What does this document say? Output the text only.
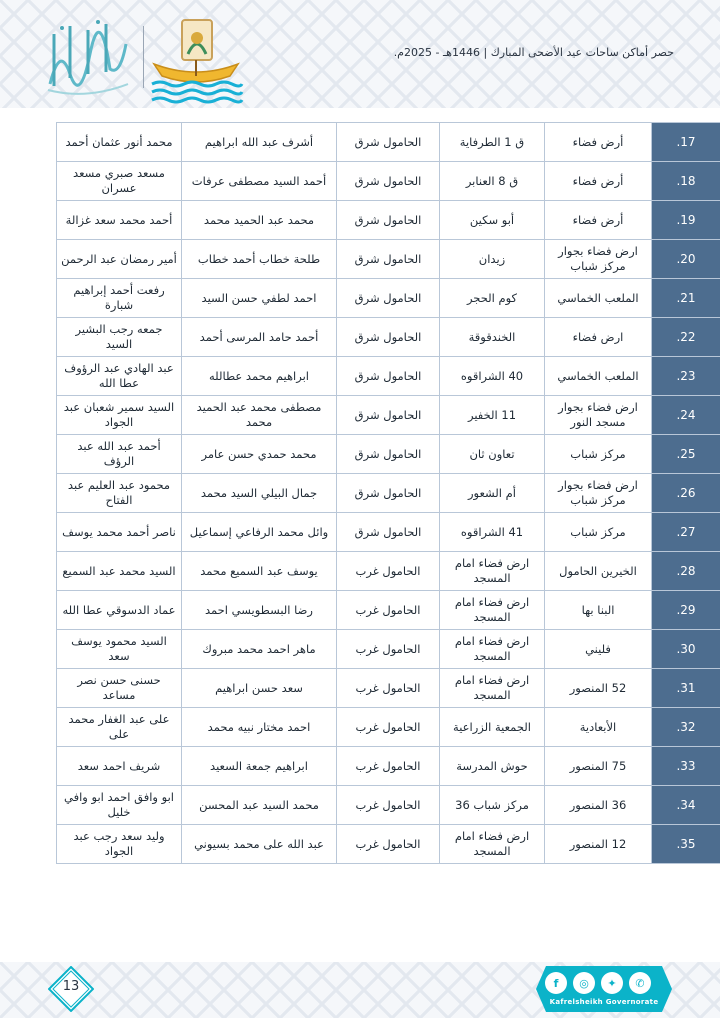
حصر أماكن ساحات عيد الأضحى المبارك | 1446هـ - 2025م.
17.	أرض فضاء	ق 1 الطرفاية	الحامول شرق	أشرف عبد الله ابراهيم	محمد أنور عثمان أحمد
18.	أرض فضاء	ق 8 العنابر	الحامول شرق	أحمد السيد مصطفى عرفات	مسعد صبري مسعد عسران
19.	أرض فضاء	أبو سكين	الحامول شرق	محمد عبد الحميد محمد	أحمد محمد سعد غزالة
20.	ارض فضاء بجوار مركز شباب	زيدان	الحامول شرق	طلحة خطاب أحمد خطاب	أمير رمضان عبد الرحمن
21.	الملعب الخماسي	كوم الحجر	الحامول شرق	احمد لطفي حسن السيد	رفعت أحمد إبراهيم شبارة
22.	ارض فضاء	الخندقوقة	الحامول شرق	أحمد حامد المرسى أحمد	جمعه رجب البشير السيد
23.	الملعب الخماسي	40 الشراقوه	الحامول شرق	ابراهيم محمد عطالله	عبد الهادي عبد الرؤوف عطا الله
24.	ارض فضاء بجوار مسجد النور	11 الخفير	الحامول شرق	مصطفى محمد عبد الحميد محمد	السيد سمير شعبان عبد الجواد
25.	مركز شباب	تعاون ثان	الحامول شرق	محمد حمدي حسن عامر	أحمد عبد الله عبد الرؤف
26.	ارض فضاء بجوار مركز شباب	أم الشعور	الحامول شرق	جمال البيلي السيد محمد	محمود عبد العليم عبد الفتاح
27.	مركز شباب	41 الشراقوه	الحامول شرق	وائل محمد الرفاعي إسماعيل	ناصر أحمد محمد يوسف
28.	الخيرين الحامول	ارض فضاء امام المسجد	الحامول غرب	يوسف عبد السميع محمد	السيد محمد عبد السميع
29.	البنا بها	ارض فضاء امام المسجد	الحامول غرب	رضا البسطويسي احمد	عماد الدسوقي عطا الله
30.	فليني	ارض فضاء امام المسجد	الحامول غرب	ماهر احمد محمد مبروك	السيد محمود يوسف سعد
31.	52 المنصور	ارض فضاء امام المسجد	الحامول غرب	سعد حسن ابراهيم	حسنى حسن نصر مساعد
32.	الأبعادية	الجمعية الزراعية	الحامول غرب	احمد مختار نبيه محمد	على عبد الغفار محمد على
33.	75 المنصور	حوش المدرسة	الحامول غرب	ابراهيم جمعة السعيد	شريف احمد سعد
34.	36 المنصور	مركز شباب 36	الحامول غرب	محمد السيد عبد المحسن	ابو وافق احمد ابو وافي خليل
35.	12 المنصور	ارض فضاء امام المسجد	الحامول غرب	عبد الله على محمد بسيوني	وليد سعد رجب عبد الجواد
13	f	◎	✦	✆
Kafrelsheikh Governorate
